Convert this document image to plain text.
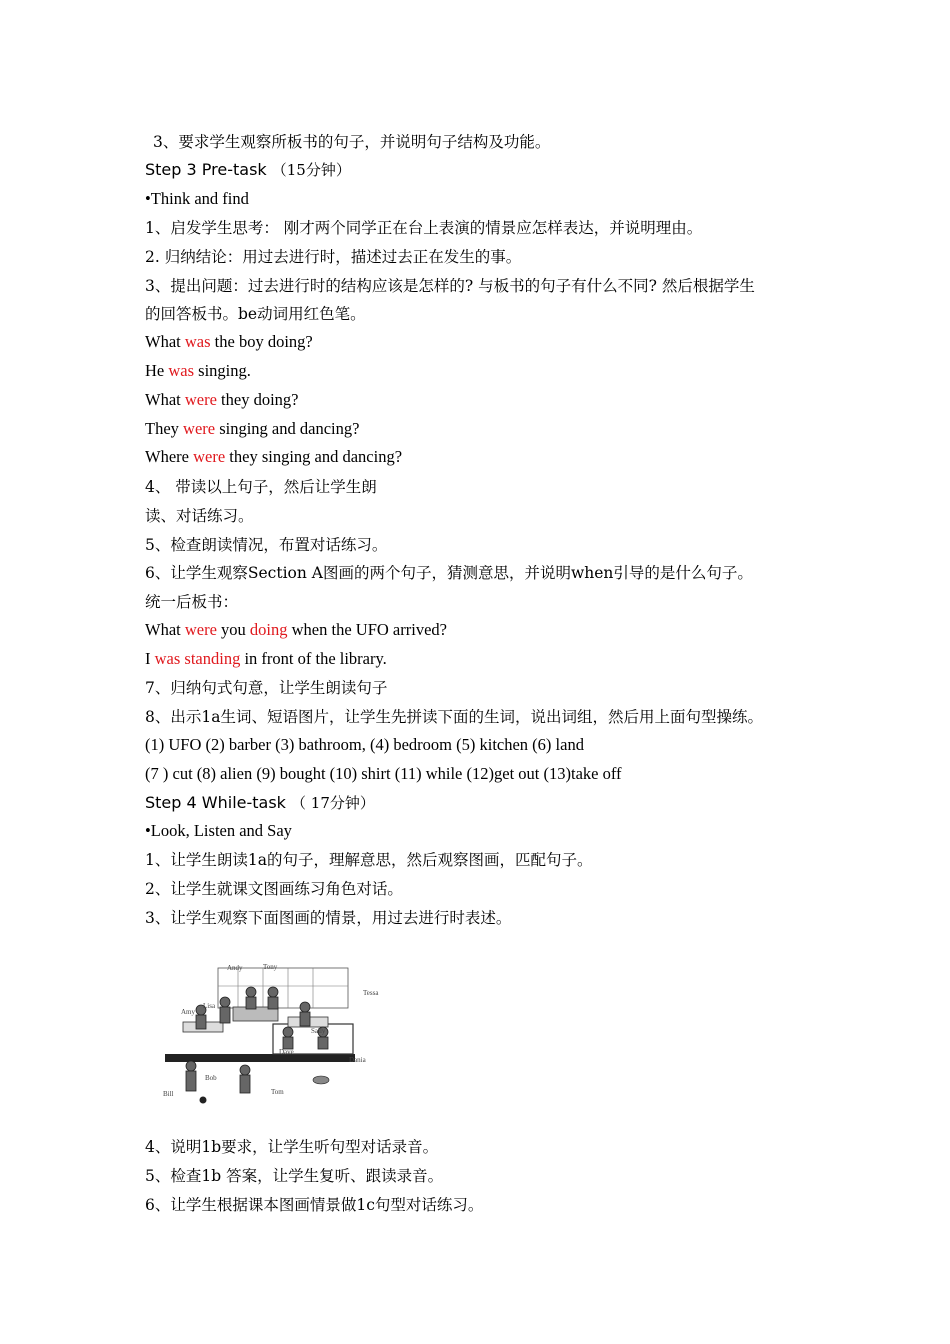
3、要求学生观察所板书的句子，并说明句子结构及功能。
Step 3 Pre-task （15分钟）
•Think and find
1、启发学生思考： 刚才两个同学正在台上表演的情景应怎样表达，并说明理由。
2. 归纳结论：用过去进行时，描述过去正在发生的事。
3、提出问题：过去进行时的结构应该是怎样的? 与板书的句子有什么不同? 然后根据学生
的回答板书。be动词用红色笔。
What was the boy doing?
He was singing.
What were they doing?
They were singing and dancing?
Where were they singing and dancing?
4、 带读以上句子，然后让学生朗
读、对话练习。
5、检查朗读情况，布置对话练习。
6、让学生观察Section A图画的两个句子，猜测意思，并说明when引导的是什么句子。
统一后板书：
What were you doing when the UFO arrived?
I was standing in front of the library.
7、归纳句式句意，让学生朗读句子
8、出示1a生词、短语图片，让学生先拼读下面的生词，说出词组，然后用上面句型操练。
(1) UFO (2) barber (3) bathroom, (4) bedroom (5) kitchen (6) land
(7 ) cut (8) alien (9) bought (10) shirt (11) while (12)get out (13)take off
Step 4 While-task （ 17分钟）
•Look, Listen and Say
1、让学生朗读1a的句子，理解意思，然后观察图画，匹配句子。
2、让学生就课文图画练习角色对话。
3、让学生观察下面图画的情景，用过去进行时表述。
Andy	Tony
Tessa
Amy
Lisa
Sally
Dave
Dania
Bob
Bill	Tom
4、说明1b要求，让学生听句型对话录音。
5、检查1b 答案，让学生复听、跟读录音。
6、让学生根据课本图画情景做1c句型对话练习。
